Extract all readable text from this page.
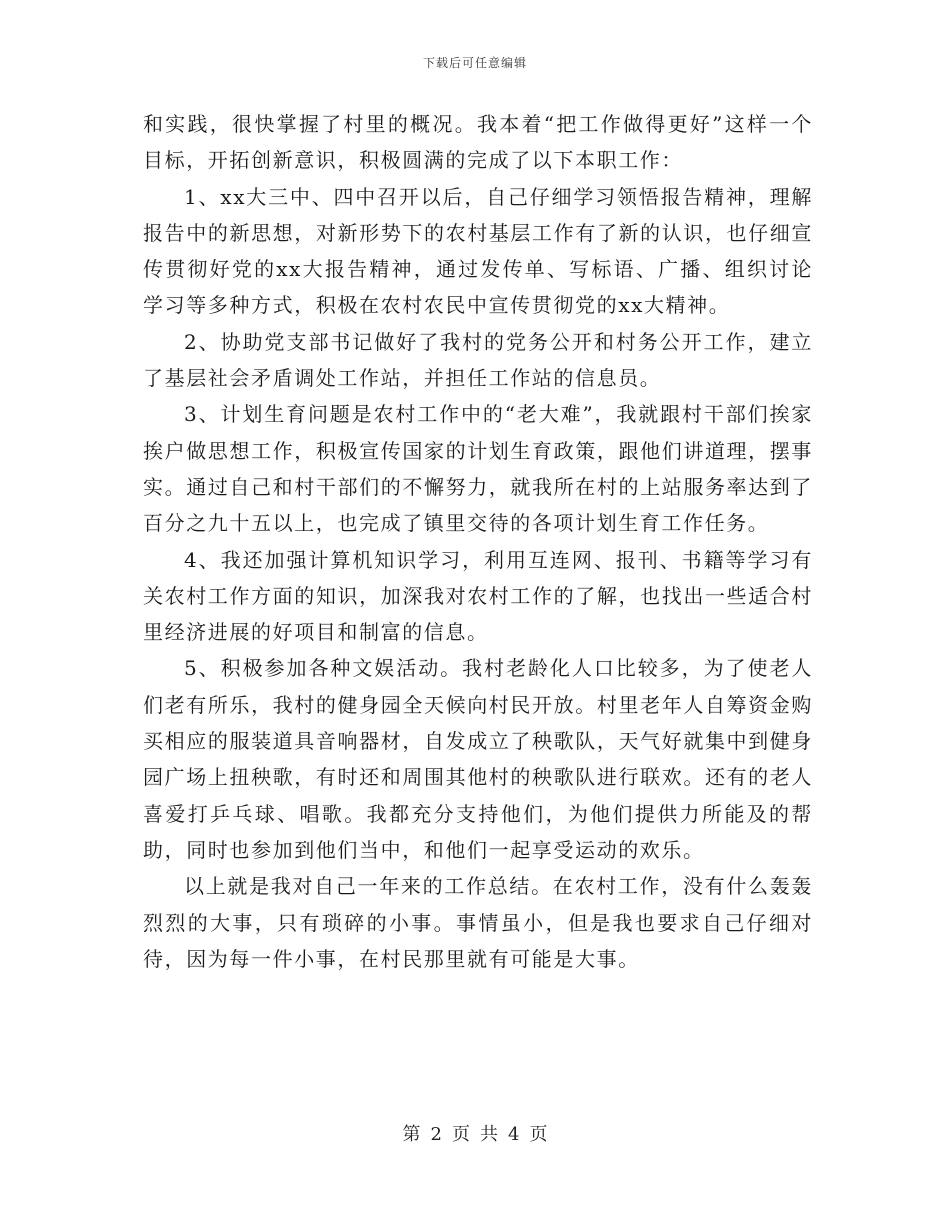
下载后可任意编辑

和实践，很快掌握了村里的概况。我本着“把工作做得更好”这样一个目标，开拓创新意识，积极圆满的完成了以下本职工作：

1、xx大三中、四中召开以后，自己仔细学习领悟报告精神，理解报告中的新思想，对新形势下的农村基层工作有了新的认识，也仔细宣传贯彻好党的xx大报告精神，通过发传单、写标语、广播、组织讨论学习等多种方式，积极在农村农民中宣传贯彻党的xx大精神。

2、协助党支部书记做好了我村的党务公开和村务公开工作，建立了基层社会矛盾调处工作站，并担任工作站的信息员。

3、计划生育问题是农村工作中的“老大难”，我就跟村干部们挨家挨户做思想工作，积极宣传国家的计划生育政策，跟他们讲道理，摆事实。通过自己和村干部们的不懈努力，就我所在村的上站服务率达到了百分之九十五以上，也完成了镇里交待的各项计划生育工作任务。

4、我还加强计算机知识学习，利用互连网、报刊、书籍等学习有关农村工作方面的知识，加深我对农村工作的了解，也找出一些适合村里经济进展的好项目和制富的信息。

5、积极参加各种文娱活动。我村老龄化人口比较多，为了使老人们老有所乐，我村的健身园全天候向村民开放。村里老年人自筹资金购买相应的服装道具音响器材，自发成立了秧歌队，天气好就集中到健身园广场上扭秧歌，有时还和周围其他村的秧歌队进行联欢。还有的老人喜爱打乒乓球、唱歌。我都充分支持他们，为他们提供力所能及的帮助，同时也参加到他们当中，和他们一起享受运动的欢乐。

以上就是我对自己一年来的工作总结。在农村工作，没有什么轰轰烈烈的大事，只有琐碎的小事。事情虽小，但是我也要求自己仔细对待，因为每一件小事，在村民那里就有可能是大事。

第 2 页 共 4 页
